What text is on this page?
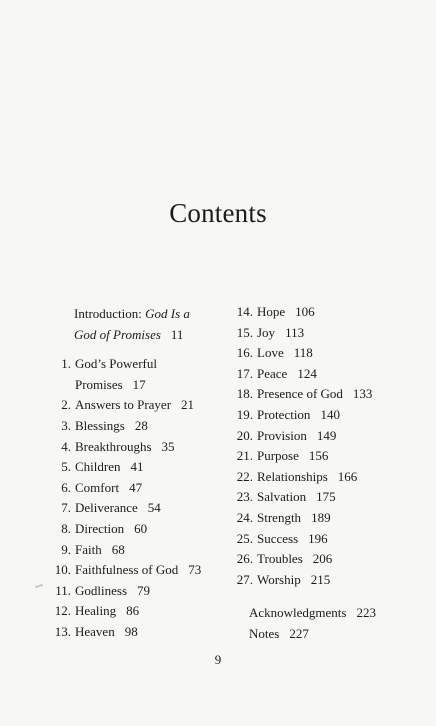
Contents
Introduction: God Is a
God of Promises 11
1. God’s Powerful
Promises 17
2. Answers to Prayer 21
3. Blessings 28
4. Breakthroughs 35
5. Children 41
6. Comfort 47
7. Deliverance 54
8. Direction 60
9. Faith 68
10. Faithfulness of God 73
11. Godliness 79
12. Healing 86
13. Heaven 98
14. Hope 106
15. Joy 113
16. Love 118
17. Peace 124
18. Presence of God 133
19. Protection 140
20. Provision 149
21. Purpose 156
22. Relationships 166
23. Salvation 175
24. Strength 189
25. Success 196
26. Troubles 206
27. Worship 215
Acknowledgments 223
Notes 227
9
